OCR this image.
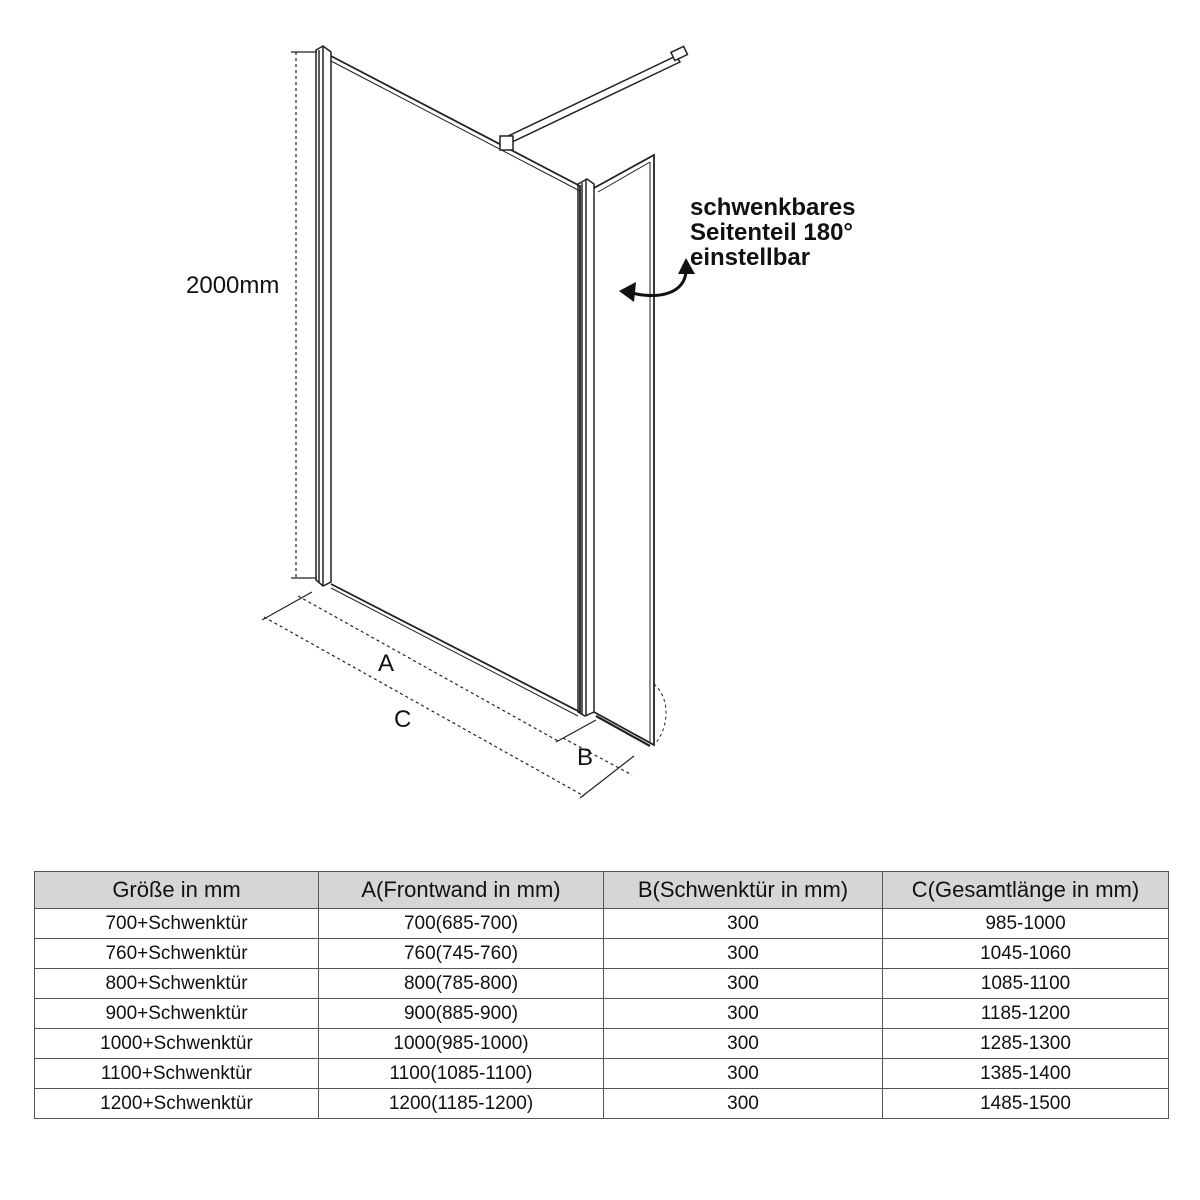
2000mm
A
C
B
schwenkbares
Seitenteil 180°
einstellbar
Größe in mm	A(Frontwand in mm)	B(Schwenktür in mm)	C(Gesamtlänge in mm)
700+Schwenktür	700(685-700)	300	985-1000
760+Schwenktür	760(745-760)	300	1045-1060
800+Schwenktür	800(785-800)	300	1085-1100
900+Schwenktür	900(885-900)	300	1185-1200
1000+Schwenktür	1000(985-1000)	300	1285-1300
1100+Schwenktür	1100(1085-1100)	300	1385-1400
1200+Schwenktür	1200(1185-1200)	300	1485-1500
